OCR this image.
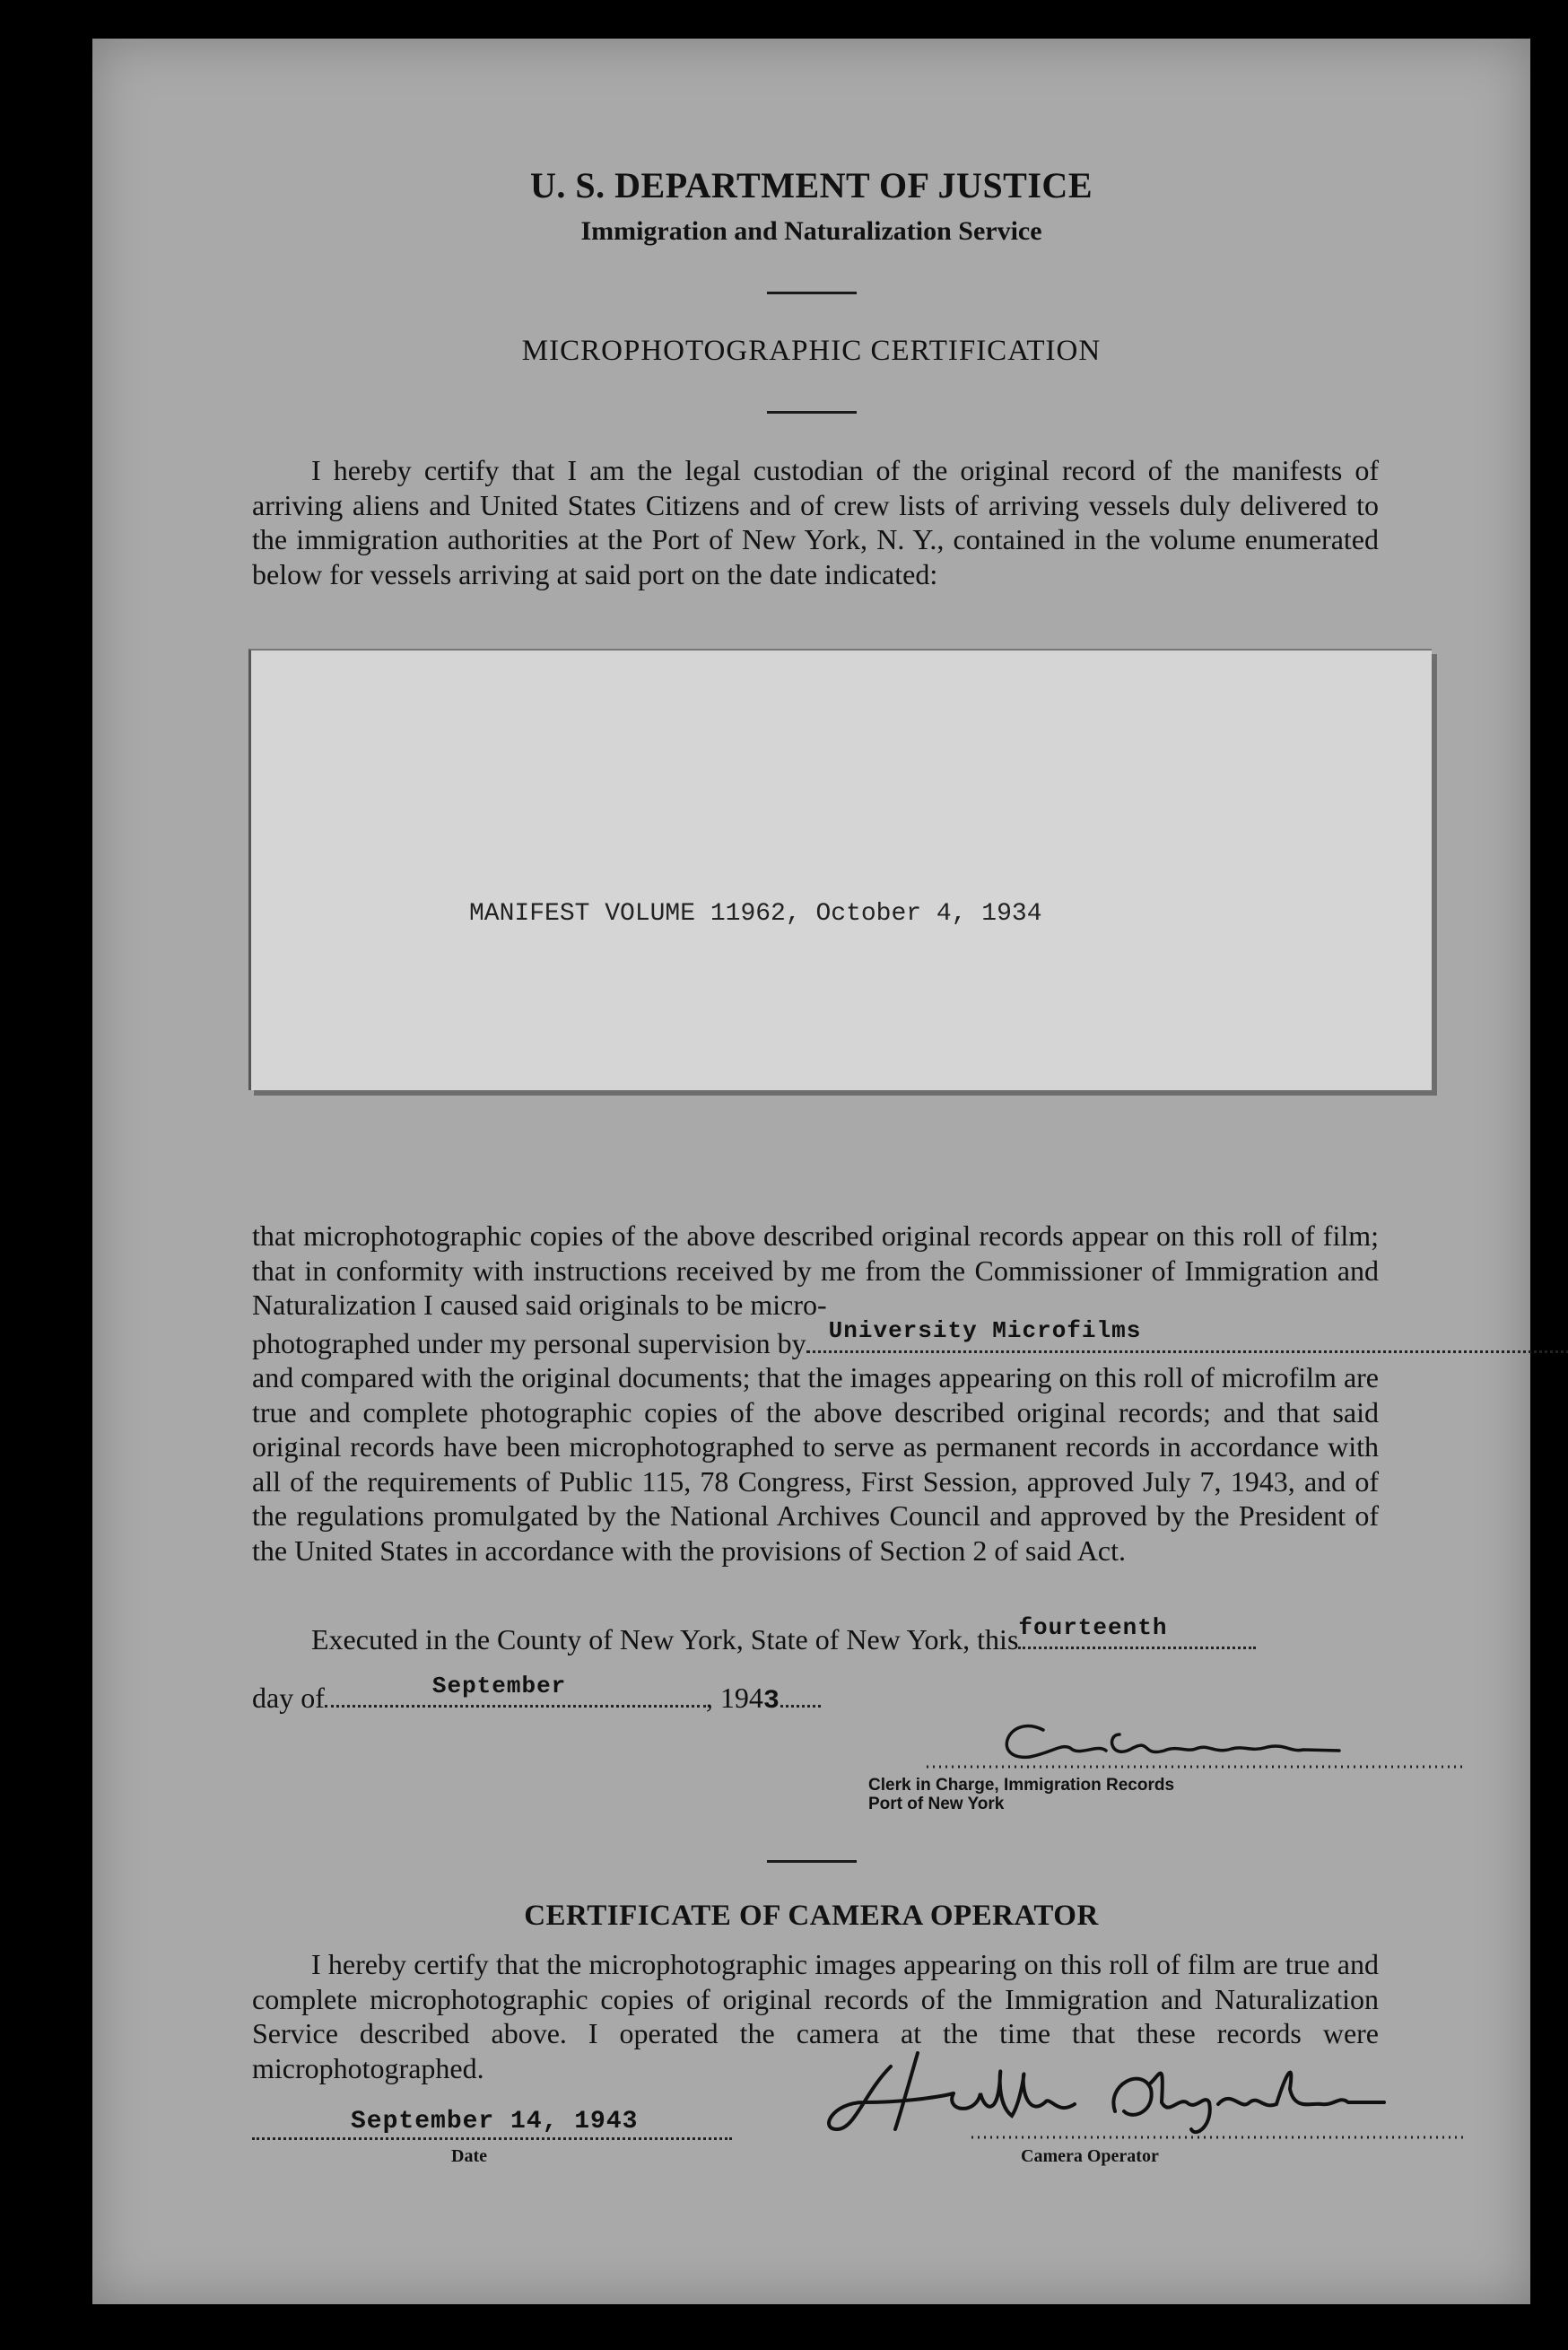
U. S. DEPARTMENT OF JUSTICE
Immigration and Naturalization Service
MICROPHOTOGRAPHIC CERTIFICATION
I hereby certify that I am the legal custodian of the original record of the manifests of arriving aliens and United States Citizens and of crew lists of arriving vessels duly delivered to the immigration authorities at the Port of New York, N. Y., contained in the volume enumerated below for vessels arriving at said port on the date indicated:
MANIFEST VOLUME 11962, October 4, 1934
that microphotographic copies of the above described original records appear on this roll of film; that in conformity with instructions received by me from the Commissioner of Immigration and Naturalization I caused said originals to be micro-
photographed under my personal supervision by University Microfilms
and compared with the original documents; that the images appearing on this roll of microfilm are true and complete photographic copies of the above described original records; and that said original records have been microphotographed to serve as permanent records in accordance with all of the requirements of Public 115, 78 Congress, First Session, approved July 7, 1943, and of the regulations promulgated by the National Archives Council and approved by the President of the United States in accordance with the provisions of Section 2 of said Act.
Executed in the County of New York, State of New York, this fourteenth
day of	September	, 1943
Clerk in Charge, Immigration Records
Port of New York
CERTIFICATE OF CAMERA OPERATOR
I hereby certify that the microphotographic images appearing on this roll of film are true and complete microphotographic copies of original records of the Immigration and Naturalization Service described above. I operated the camera at the time that these records were microphotographed.
September 14, 1943
Date	Camera Operator
